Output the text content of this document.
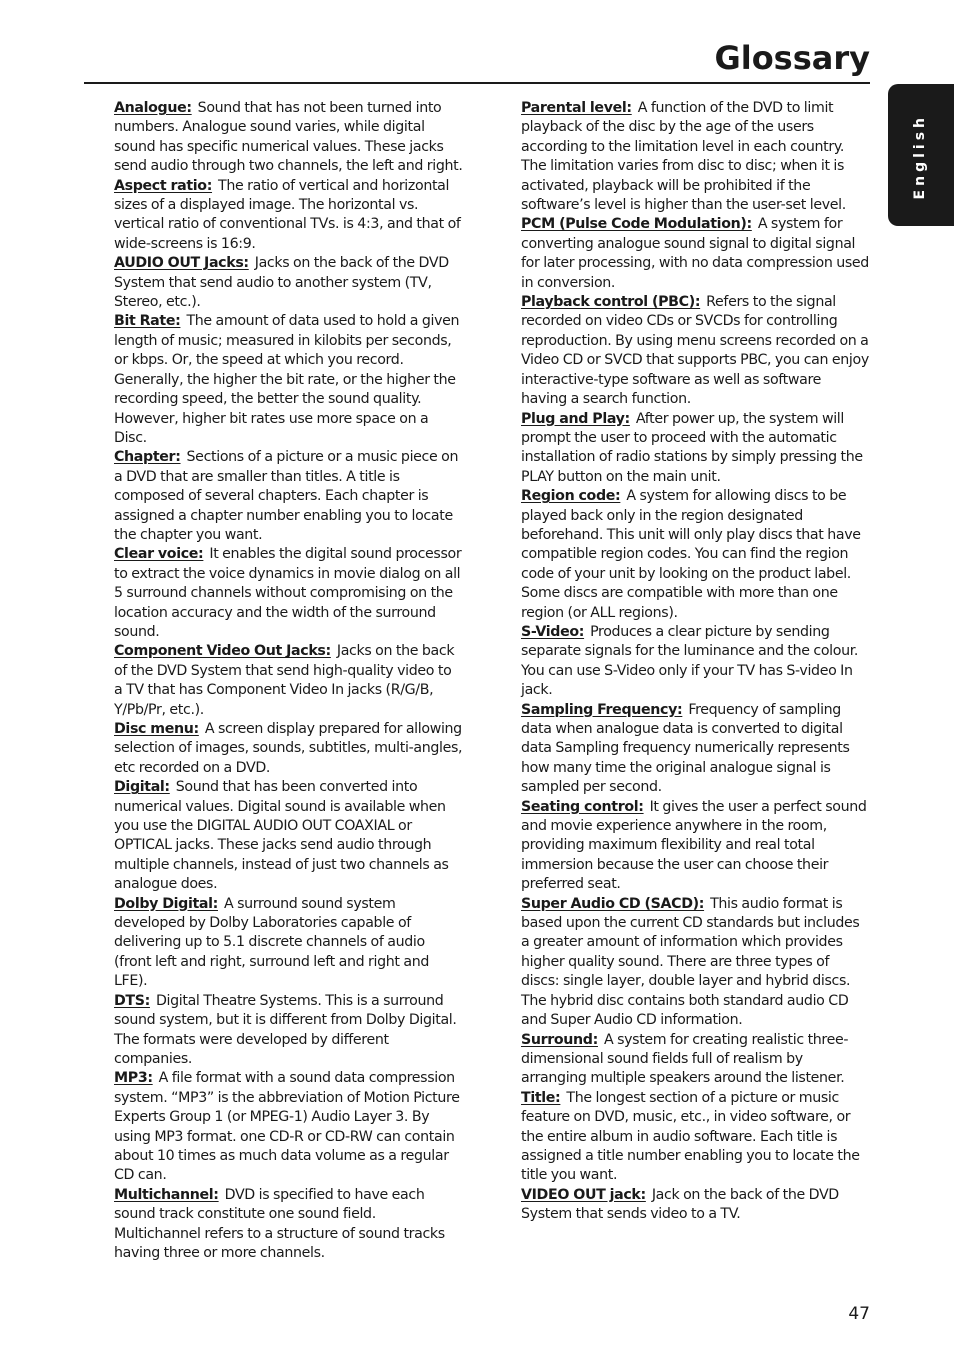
Glossary
English

Analogue: Sound that has not been turned into numbers. Analogue sound varies, while digital sound has specific numerical values. These jacks send audio through two channels, the left and right.

Aspect ratio: The ratio of vertical and horizontal sizes of a displayed image. The horizontal vs. vertical ratio of conventional TVs. is 4:3, and that of wide-screens is 16:9.

AUDIO OUT Jacks: Jacks on the back of the DVD System that send audio to another system (TV, Stereo, etc.).

Bit Rate: The amount of data used to hold a given length of music; measured in kilobits per seconds, or kbps. Or, the speed at which you record. Generally, the higher the bit rate, or the higher the recording speed, the better the sound quality. However, higher bit rates use more space on a Disc.

Chapter: Sections of a picture or a music piece on a DVD that are smaller than titles. A title is composed of several chapters. Each chapter is assigned a chapter number enabling you to locate the chapter you want.

Clear voice: It enables the digital sound processor to extract the voice dynamics in movie dialog on all 5 surround channels without compromising on the location accuracy and the width of the surround sound.

Component Video Out Jacks: Jacks on the back of the DVD System that send high-quality video to a TV that has Component Video In jacks (R/G/B, Y/Pb/Pr, etc.).

Disc menu: A screen display prepared for allowing selection of images, sounds, subtitles, multi-angles, etc recorded on a DVD.

Digital: Sound that has been converted into numerical values. Digital sound is available when you use the DIGITAL AUDIO OUT COAXIAL or OPTICAL jacks. These jacks send audio through multiple channels, instead of just two channels as analogue does.

Dolby Digital: A surround sound system developed by Dolby Laboratories capable of delivering up to 5.1 discrete channels of audio (front left and right, surround left and right and LFE).

DTS: Digital Theatre Systems. This is a surround sound system, but it is different from Dolby Digital. The formats were developed by different companies.

MP3: A file format with a sound data compression system. “MP3” is the abbreviation of Motion Picture Experts Group 1 (or MPEG-1) Audio Layer 3. By using MP3 format. one CD-R or CD-RW can contain about 10 times as much data volume as a regular CD can.

Multichannel: DVD is specified to have each sound track constitute one sound field. Multichannel refers to a structure of sound tracks having three or more channels.

Parental level: A function of the DVD to limit playback of the disc by the age of the users according to the limitation level in each country. The limitation varies from disc to disc; when it is activated, playback will be prohibited if the software’s level is higher than the user-set level.

PCM (Pulse Code Modulation): A system for converting analogue sound signal to digital signal for later processing, with no data compression used in conversion.

Playback control (PBC): Refers to the signal recorded on video CDs or SVCDs for controlling reproduction. By using menu screens recorded on a Video CD or SVCD that supports PBC, you can enjoy interactive-type software as well as software having a search function.

Plug and Play: After power up, the system will prompt the user to proceed with the automatic installation of radio stations by simply pressing the PLAY button on the main unit.

Region code: A system for allowing discs to be played back only in the region designated beforehand. This unit will only play discs that have compatible region codes. You can find the region code of your unit by looking on the product label. Some discs are compatible with more than one region (or ALL regions).

S-Video: Produces a clear picture by sending separate signals for the luminance and the colour. You can use S-Video only if your TV has S-video In jack.

Sampling Frequency: Frequency of sampling data when analogue data is converted to digital data Sampling frequency numerically represents how many time the original analogue signal is sampled per second.

Seating control: It gives the user a perfect sound and movie experience anywhere in the room, providing maximum flexibility and real total immersion because the user can choose their preferred seat.

Super Audio CD (SACD): This audio format is based upon the current CD standards but includes a greater amount of information which provides higher quality sound. There are three types of discs: single layer, double layer and hybrid discs. The hybrid disc contains both standard audio CD and Super Audio CD information.

Surround: A system for creating realistic three-dimensional sound fields full of realism by arranging multiple speakers around the listener.

Title: The longest section of a picture or music feature on DVD, music, etc., in video software, or the entire album in audio software. Each title is assigned a title number enabling you to locate the title you want.

VIDEO OUT jack: Jack on the back of the DVD System that sends video to a TV.

47
